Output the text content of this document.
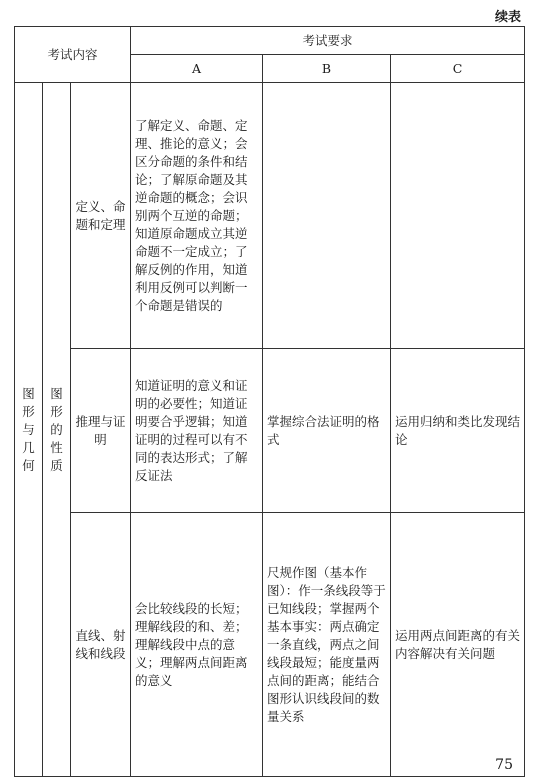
续表
考试内容			考试要求		
			A	B	C
图形与几何	图形的性质	定义、命题和定理	了解定义、命题、定理、推论的意义；会区分命题的条件和结论；了解原命题及其逆命题的概念；会识别两个互逆的命题；知道原命题成立其逆命题不一定成立；了解反例的作用，知道利用反例可以判断一个命题是错误的		
		推理与证明	知道证明的意义和证明的必要性；知道证明要合乎逻辑；知道证明的过程可以有不同的表达形式；了解反证法	掌握综合法证明的格式	运用归纳和类比发现结论
		直线、射线和线段	会比较线段的长短；理解线段的和、差；理解线段中点的意义；理解两点间距离的意义	尺规作图（基本作图）：作一条线段等于已知线段；掌握两个基本事实：两点确定一条直线，两点之间线段最短；能度量两点间的距离；能结合图形认识线段间的数量关系	运用两点间距离的有关内容解决有关问题
75
